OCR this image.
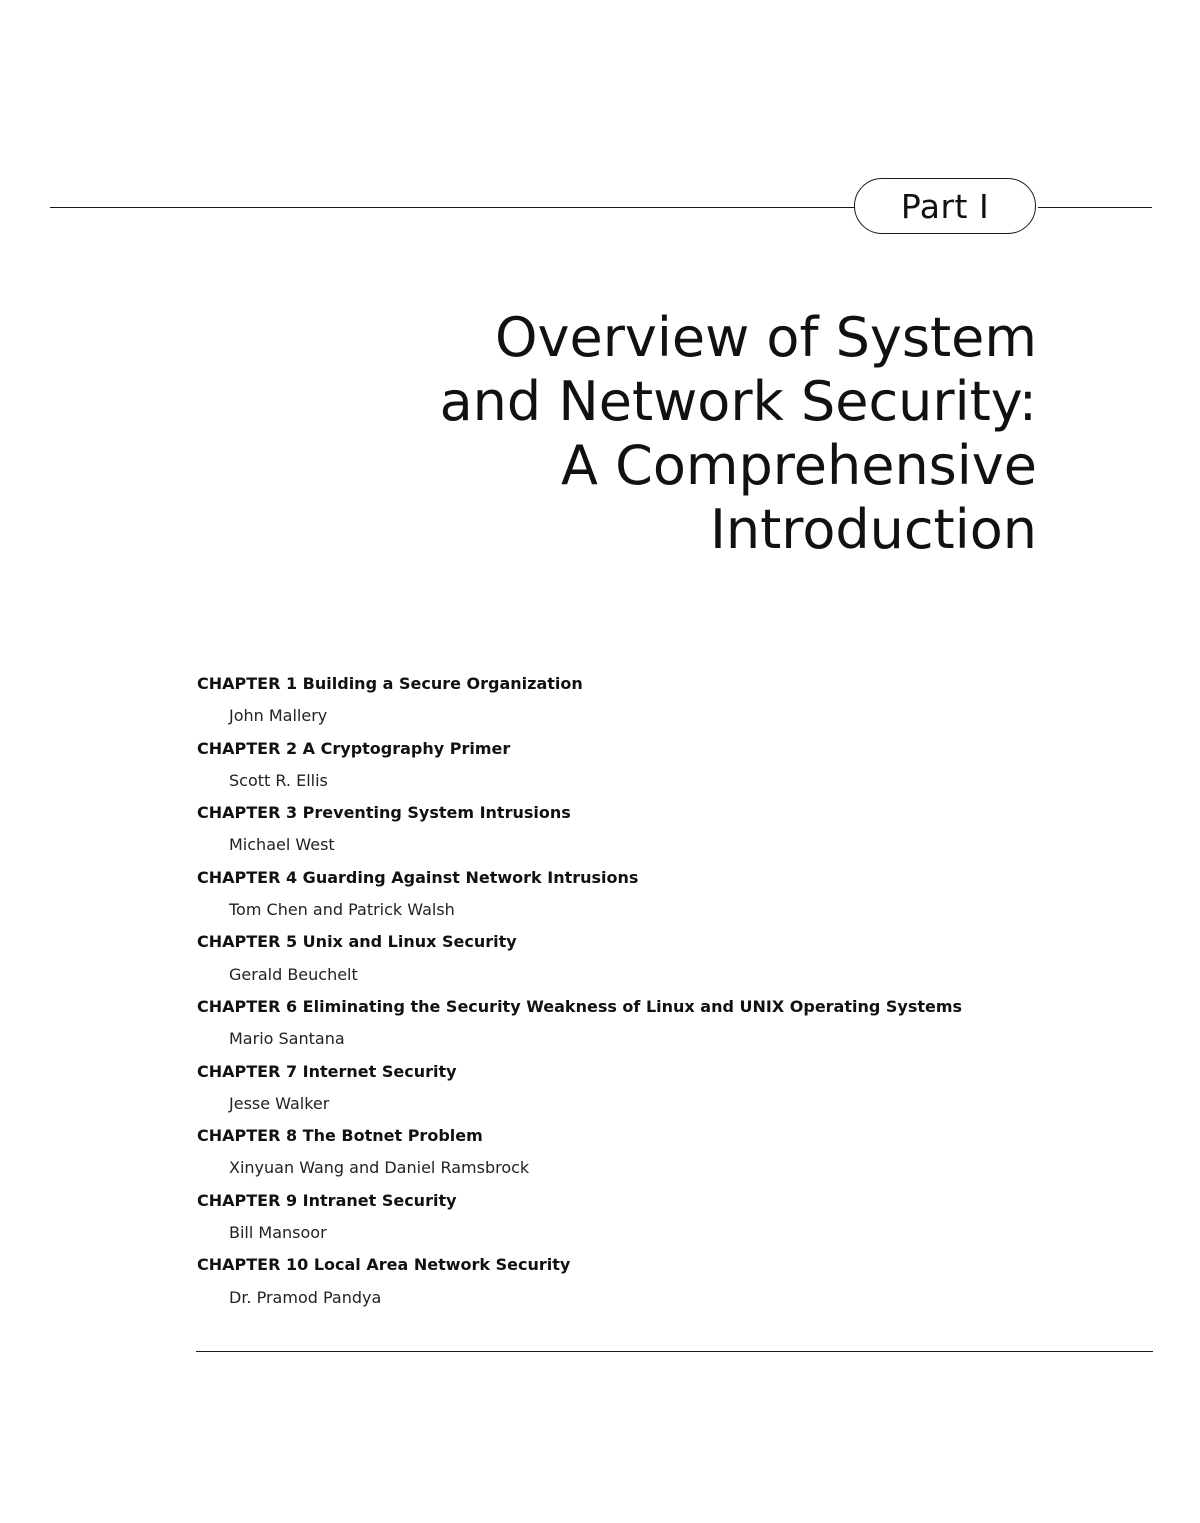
Part I
Overview of System
and Network Security:
A Comprehensive
Introduction
CHAPTER 1 Building a Secure Organization
John Mallery
CHAPTER 2 A Cryptography Primer
Scott R. Ellis
CHAPTER 3 Preventing System Intrusions
Michael West
CHAPTER 4 Guarding Against Network Intrusions
Tom Chen and Patrick Walsh
CHAPTER 5 Unix and Linux Security
Gerald Beuchelt
CHAPTER 6 Eliminating the Security Weakness of Linux and UNIX Operating Systems
Mario Santana
CHAPTER 7 Internet Security
Jesse Walker
CHAPTER 8 The Botnet Problem
Xinyuan Wang and Daniel Ramsbrock
CHAPTER 9 Intranet Security
Bill Mansoor
CHAPTER 10 Local Area Network Security
Dr. Pramod Pandya
